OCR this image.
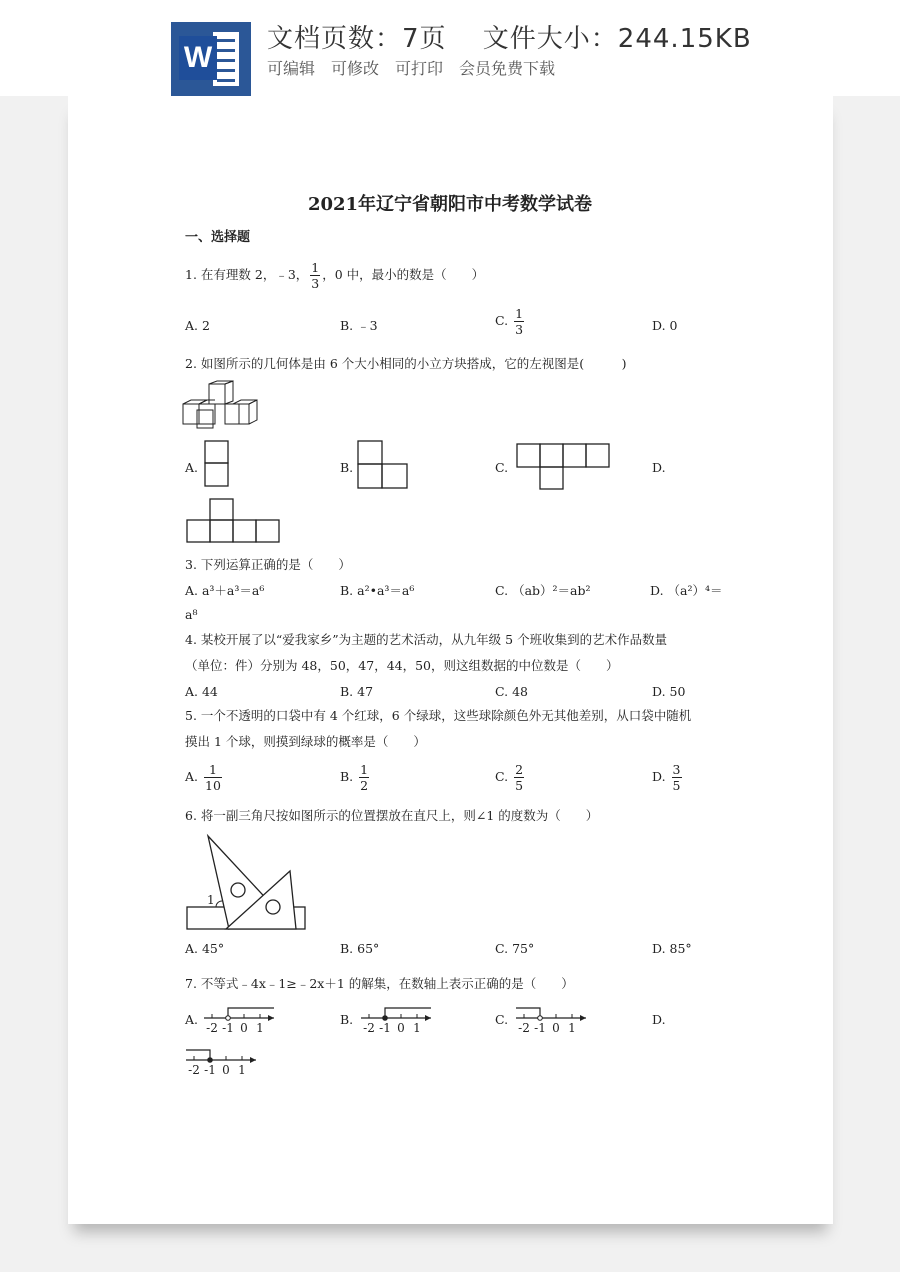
W
文档页数：7页　 文件大小：244.15KB
可编辑　可修改　可打印　会员免费下载
2021年辽宁省朝阳市中考数学试卷
一、选择题
1. 在有理数 2，﹣3， $\frac{1}{3}$ ，0 中，最小的数是（　　）
A. 2	B. ﹣3	C. $\frac{1}{3}$	D. 0
2. 如图所示的几何体是由 6 个大小相同的小立方块搭成，它的左视图是(　　　)
A.	B.	C.	D.
3. 下列运算正确的是（　　）
A. a³＋a³＝a⁶	B. a²•a³＝a⁶	C. （ab）²＝ab²	D. （a²）⁴＝
a⁸
4. 某校开展了以“爱我家乡”为主题的艺术活动，从九年级 5 个班收集到的艺术作品数量
（单位：件）分别为 48，50，47，44，50，则这组数据的中位数是（　　）
A. 44	B. 47	C. 48	D. 50
5. 一个不透明的口袋中有 4 个红球，6 个绿球，这些球除颜色外无其他差别，从口袋中随机
摸出 1 个球，则摸到绿球的概率是（　　）
A. $\frac{1}{10}$	B. $\frac{1}{2}$	C. $\frac{2}{5}$	D. $\frac{3}{5}$
6. 将一副三角尺按如图所示的位置摆放在直尺上，则∠1 的度数为（　　）
1
A. 45°	B. 65°	C. 75°	D. 85°
7. 不等式﹣4x﹣1≥﹣2x＋1 的解集，在数轴上表示正确的是（　　）
A.	B.	C.	D.
-2 -1 0 1	-2 -1 0 1	-2 -1 0 1
-2 -1 0 1
